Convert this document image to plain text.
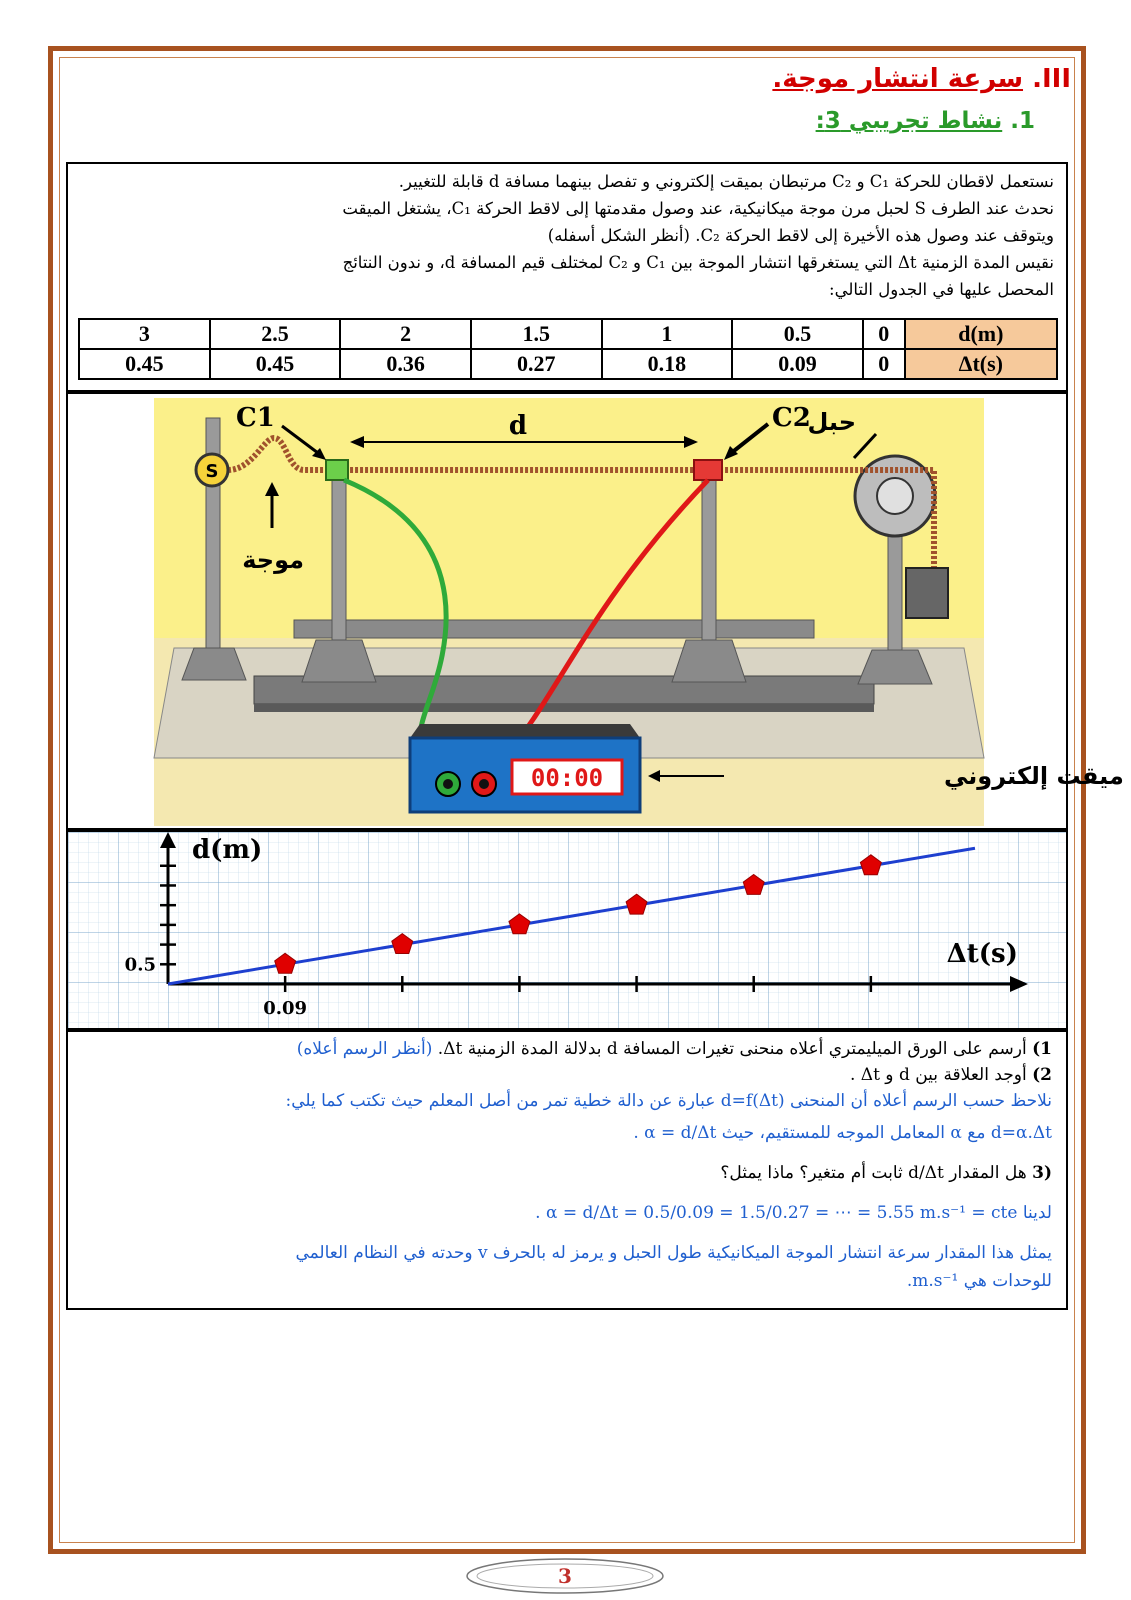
III. سرعة انتشار موجة.
1. نشاط تجريبي 3:
نستعمل لاقطان للحركة C₁ و C₂ مرتبطان بميقت إلكتروني و تفصل بينهما مسافة d قابلة للتغيير.
نحدث عند الطرف S لحبل مرن موجة ميكانيكية، عند وصول مقدمتها إلى لاقط الحركة C₁، يشتغل الميقت
ويتوقف عند وصول هذه الأخيرة إلى لاقط الحركة C₂. (أنظر الشكل أسفله)
نقيس المدة الزمنية Δt التي يستغرقها انتشار الموجة بين C₁ و C₂ لمختلف قيم المسافة d، و ندون النتائج
المحصل عليها في الجدول التالي:
3	2.5	2	1.5	1	0.5	0	d(m)
0.45	0.45	0.36	0.27	0.18	0.09	0	Δt(s)
S
d
C1	C2
حبل
موجة
00:00	ميقت إلكتروني
0.09
0.5
d(m)
Δt(s)
1) أرسم على الورق الميليمتري أعلاه منحنى تغيرات المسافة d بدلالة المدة الزمنية Δt. (أنظر الرسم أعلاه)
2) أوجد العلاقة بين d و Δt .
نلاحظ حسب الرسم أعلاه أن المنحنى d=f(Δt) عبارة عن دالة خطية تمر من أصل المعلم حيث تكتب كما يلي:
d=α.Δt مع α المعامل الموجه للمستقيم، حيث α = d/Δt .
(3 هل المقدار d/Δt ثابت أم متغير؟ ماذا يمثل؟
لدينا α = d/Δt = 0.5/0.09 = 1.5/0.27 = ⋯ = 5.55 m.s⁻¹ = cte .
يمثل هذا المقدار سرعة انتشار الموجة الميكانيكية طول الحبل و يرمز له بالحرف v وحدته في النظام العالمي
للوحدات هي m.s⁻¹.
3
